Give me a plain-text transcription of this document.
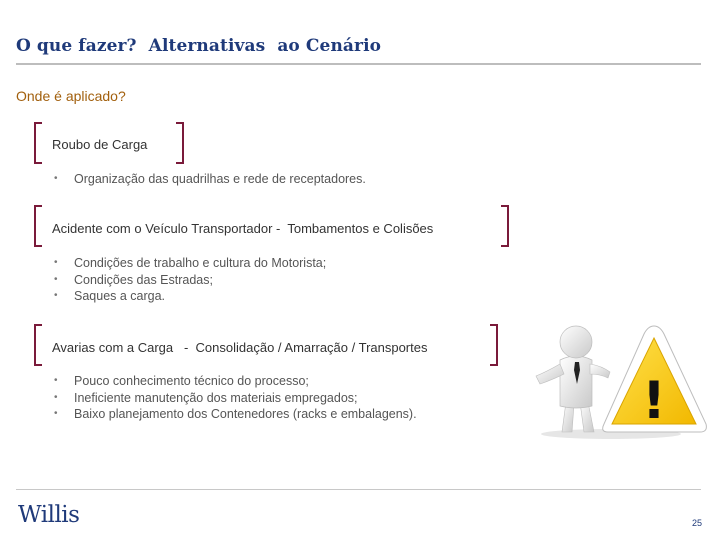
O que fazer?  Alternativas  ao Cenário
Onde é aplicado?
Roubo de Carga
• Organização das quadrilhas e rede de receptadores.
Acidente com o Veículo Transportador -  Tombamentos e Colisões
• Condições de trabalho e cultura do Motorista;
• Condições das Estradas;
• Saques a carga.
Avarias com a Carga   -  Consolidação / Amarração / Transportes
• Pouco conhecimento técnico do processo;
• Ineficiente manutenção dos materiais empregados;
• Baixo planejamento dos Contenedores (racks e embalagens).	!
Willis	25
